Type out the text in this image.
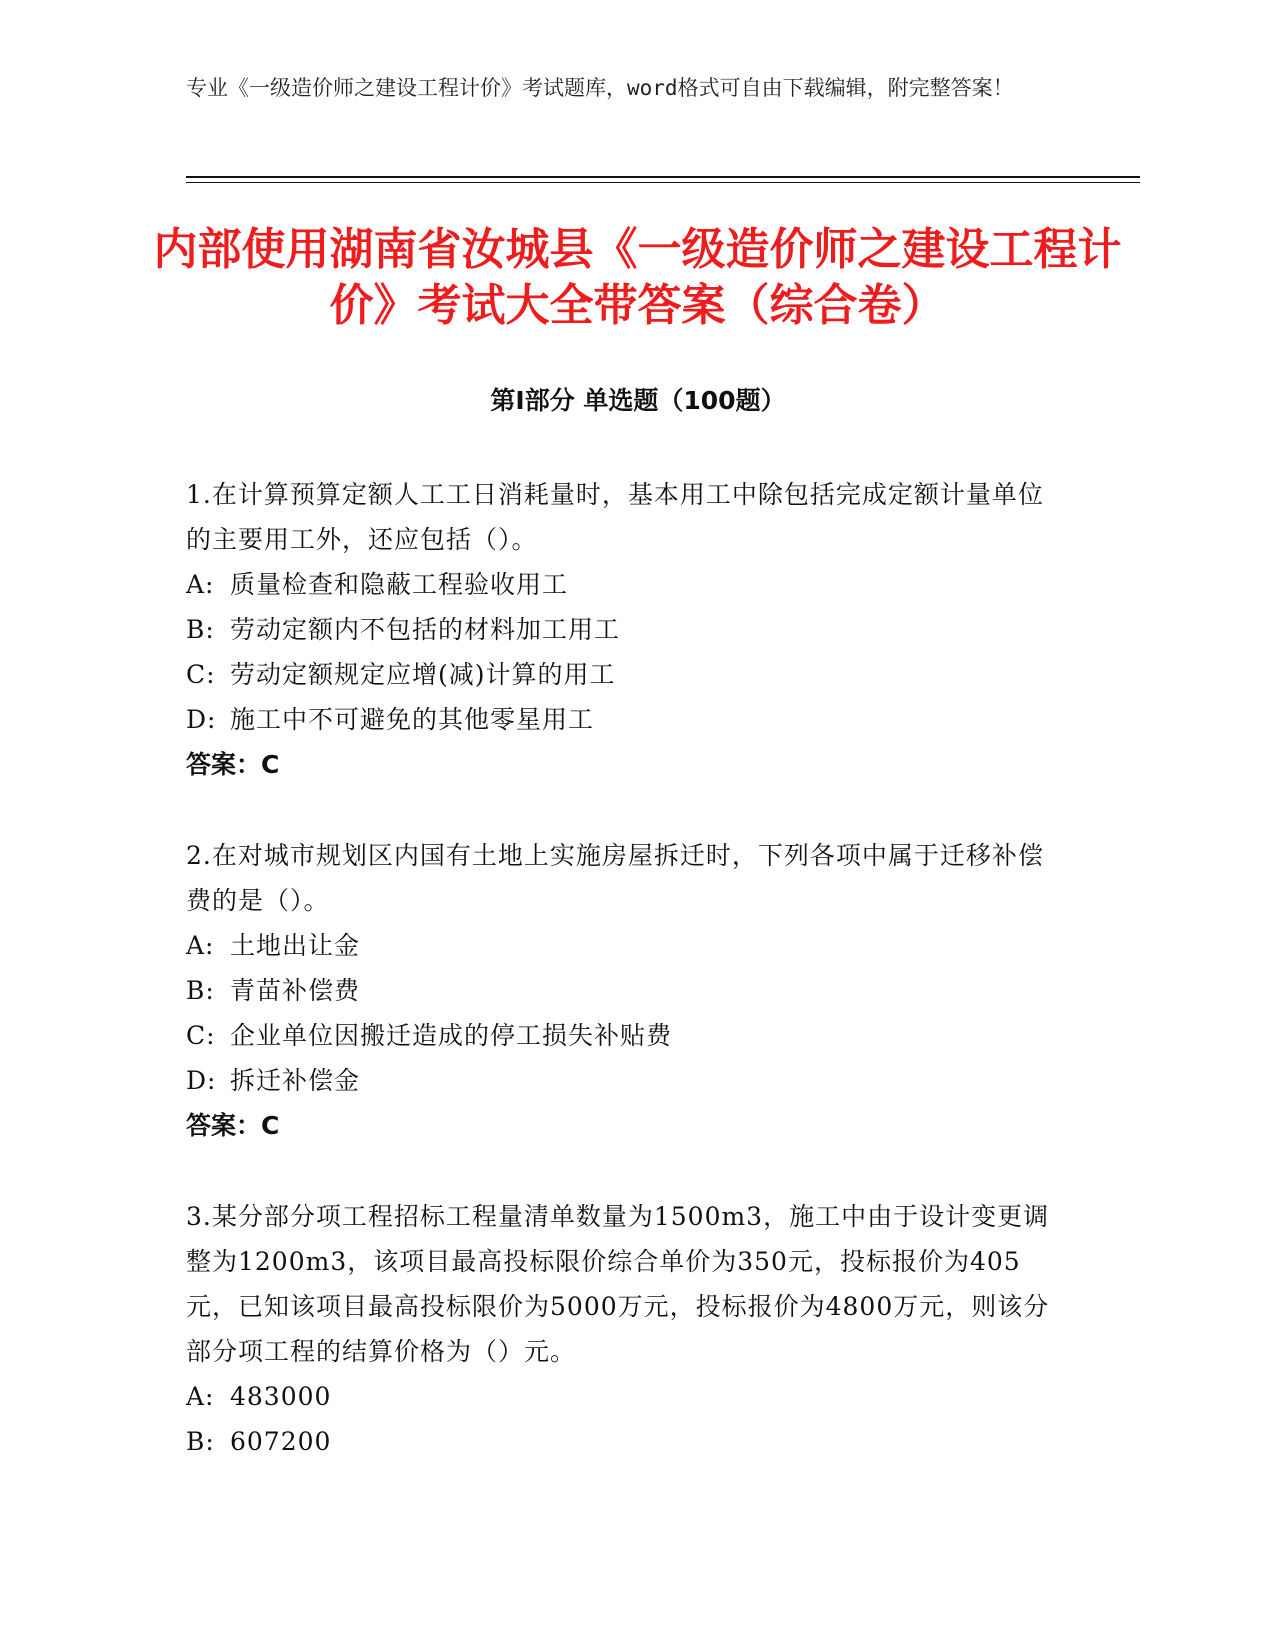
专业《一级造价师之建设工程计价》考试题库，word格式可自由下载编辑，附完整答案！
内部使用湖南省汝城县《一级造价师之建设工程计价》考试大全带答案（综合卷）
第Ⅰ部分 单选题（100题）
1.在计算预算定额人工工日消耗量时，基本用工中除包括完成定额计量单位的主要用工外，还应包括（）。
A: 质量检查和隐蔽工程验收用工
B: 劳动定额内不包括的材料加工用工
C: 劳动定额规定应增(减)计算的用工
D: 施工中不可避免的其他零星用工
答案：C
2.在对城市规划区内国有土地上实施房屋拆迁时，下列各项中属于迁移补偿费的是（）。
A: 土地出让金
B: 青苗补偿费
C: 企业单位因搬迁造成的停工损失补贴费
D: 拆迁补偿金
答案：C
3.某分部分项工程招标工程量清单数量为1500m3，施工中由于设计变更调整为1200m3，该项目最高投标限价综合单价为350元，投标报价为405元，已知该项目最高投标限价为5000万元，投标报价为4800万元，则该分部分项工程的结算价格为（）元。
A: 483000
B: 607200
